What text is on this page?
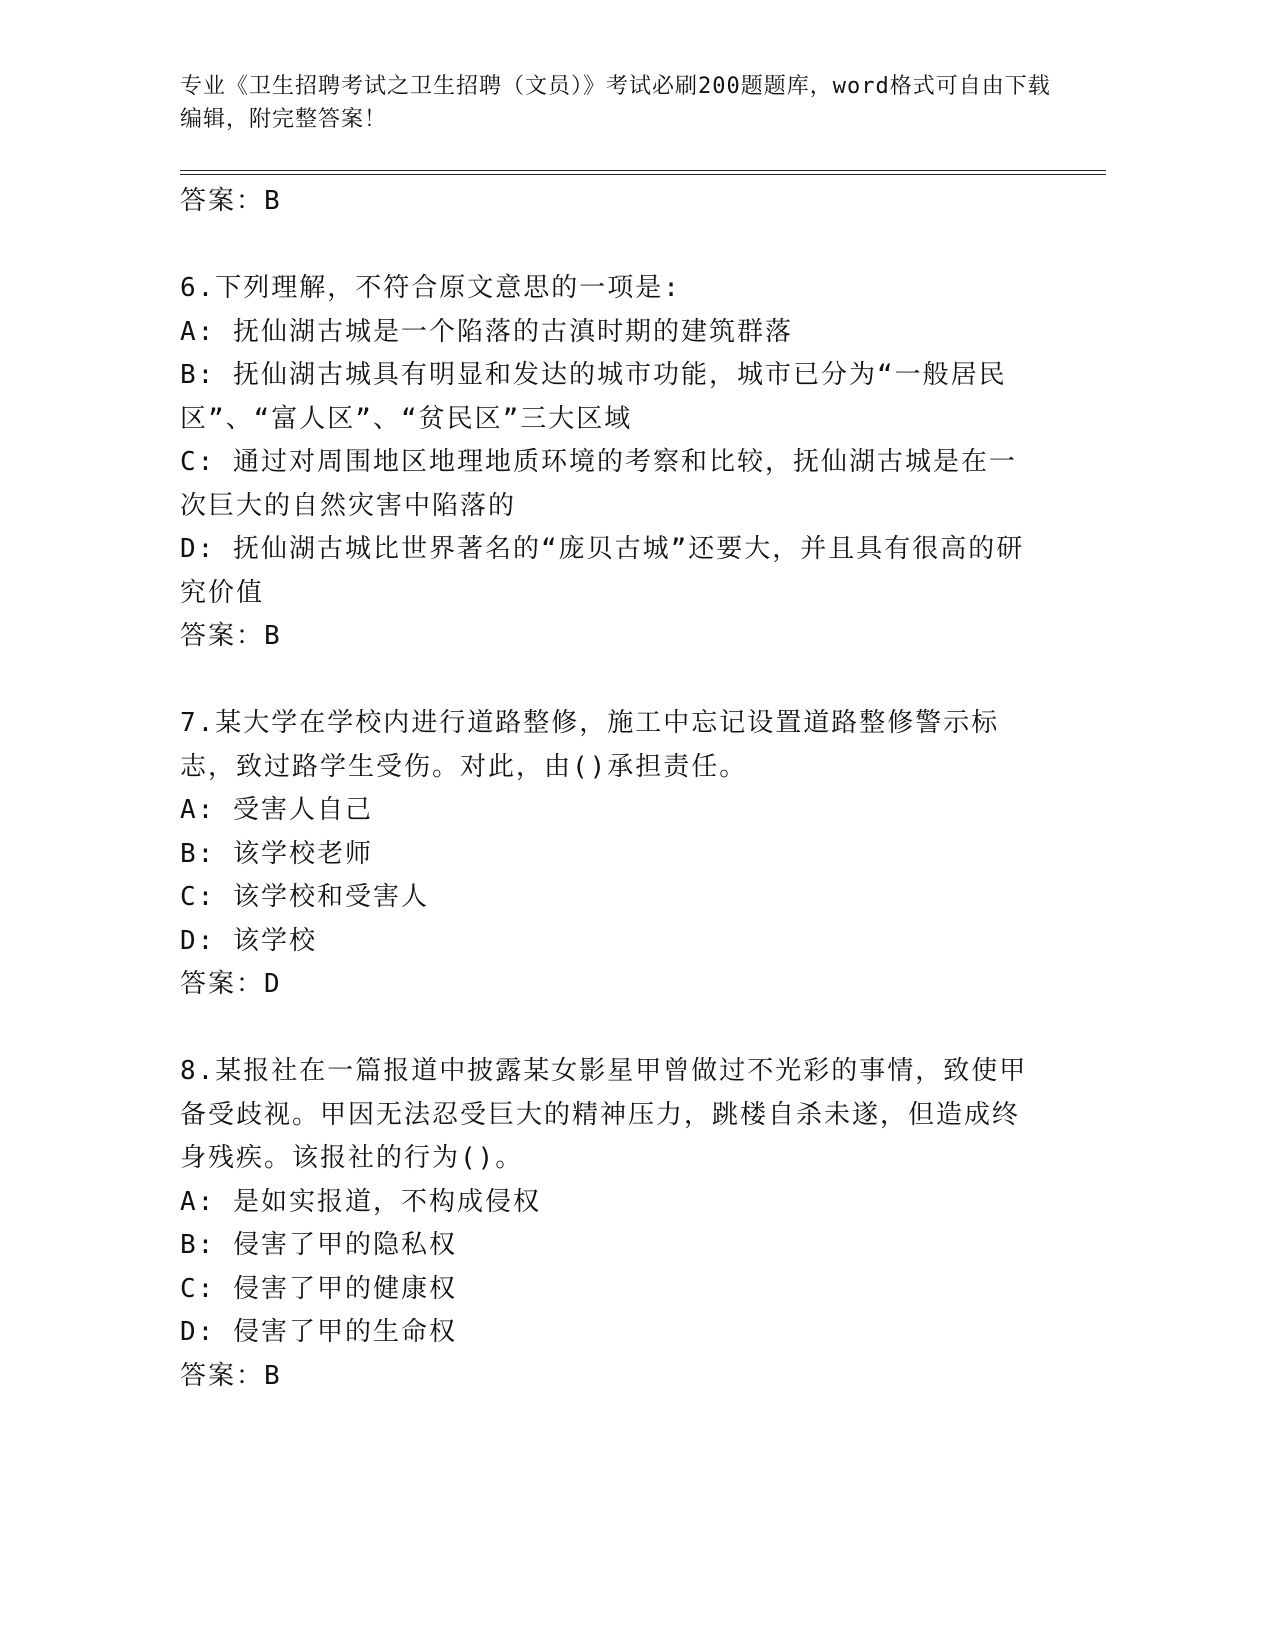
专业《卫生招聘考试之卫生招聘（文员）》考试必刷200题题库，word格式可自由下载编辑，附完整答案！
答案：B
6.下列理解，不符合原文意思的一项是:
A: 抚仙湖古城是一个陷落的古滇时期的建筑群落
B: 抚仙湖古城具有明显和发达的城市功能，城市已分为“一般居民区”、“富人区”、“贫民区”三大区域
C: 通过对周围地区地理地质环境的考察和比较，抚仙湖古城是在一次巨大的自然灾害中陷落的
D: 抚仙湖古城比世界著名的“庞贝古城”还要大，并且具有很高的研究价值
答案：B
7.某大学在学校内进行道路整修，施工中忘记设置道路整修警示标志，致过路学生受伤。对此，由()承担责任。
A: 受害人自己
B: 该学校老师
C: 该学校和受害人
D: 该学校
答案：D
8.某报社在一篇报道中披露某女影星甲曾做过不光彩的事情，致使甲备受歧视。甲因无法忍受巨大的精神压力，跳楼自杀未遂，但造成终身残疾。该报社的行为()。
A: 是如实报道，不构成侵权
B: 侵害了甲的隐私权
C: 侵害了甲的健康权
D: 侵害了甲的生命权
答案：B
